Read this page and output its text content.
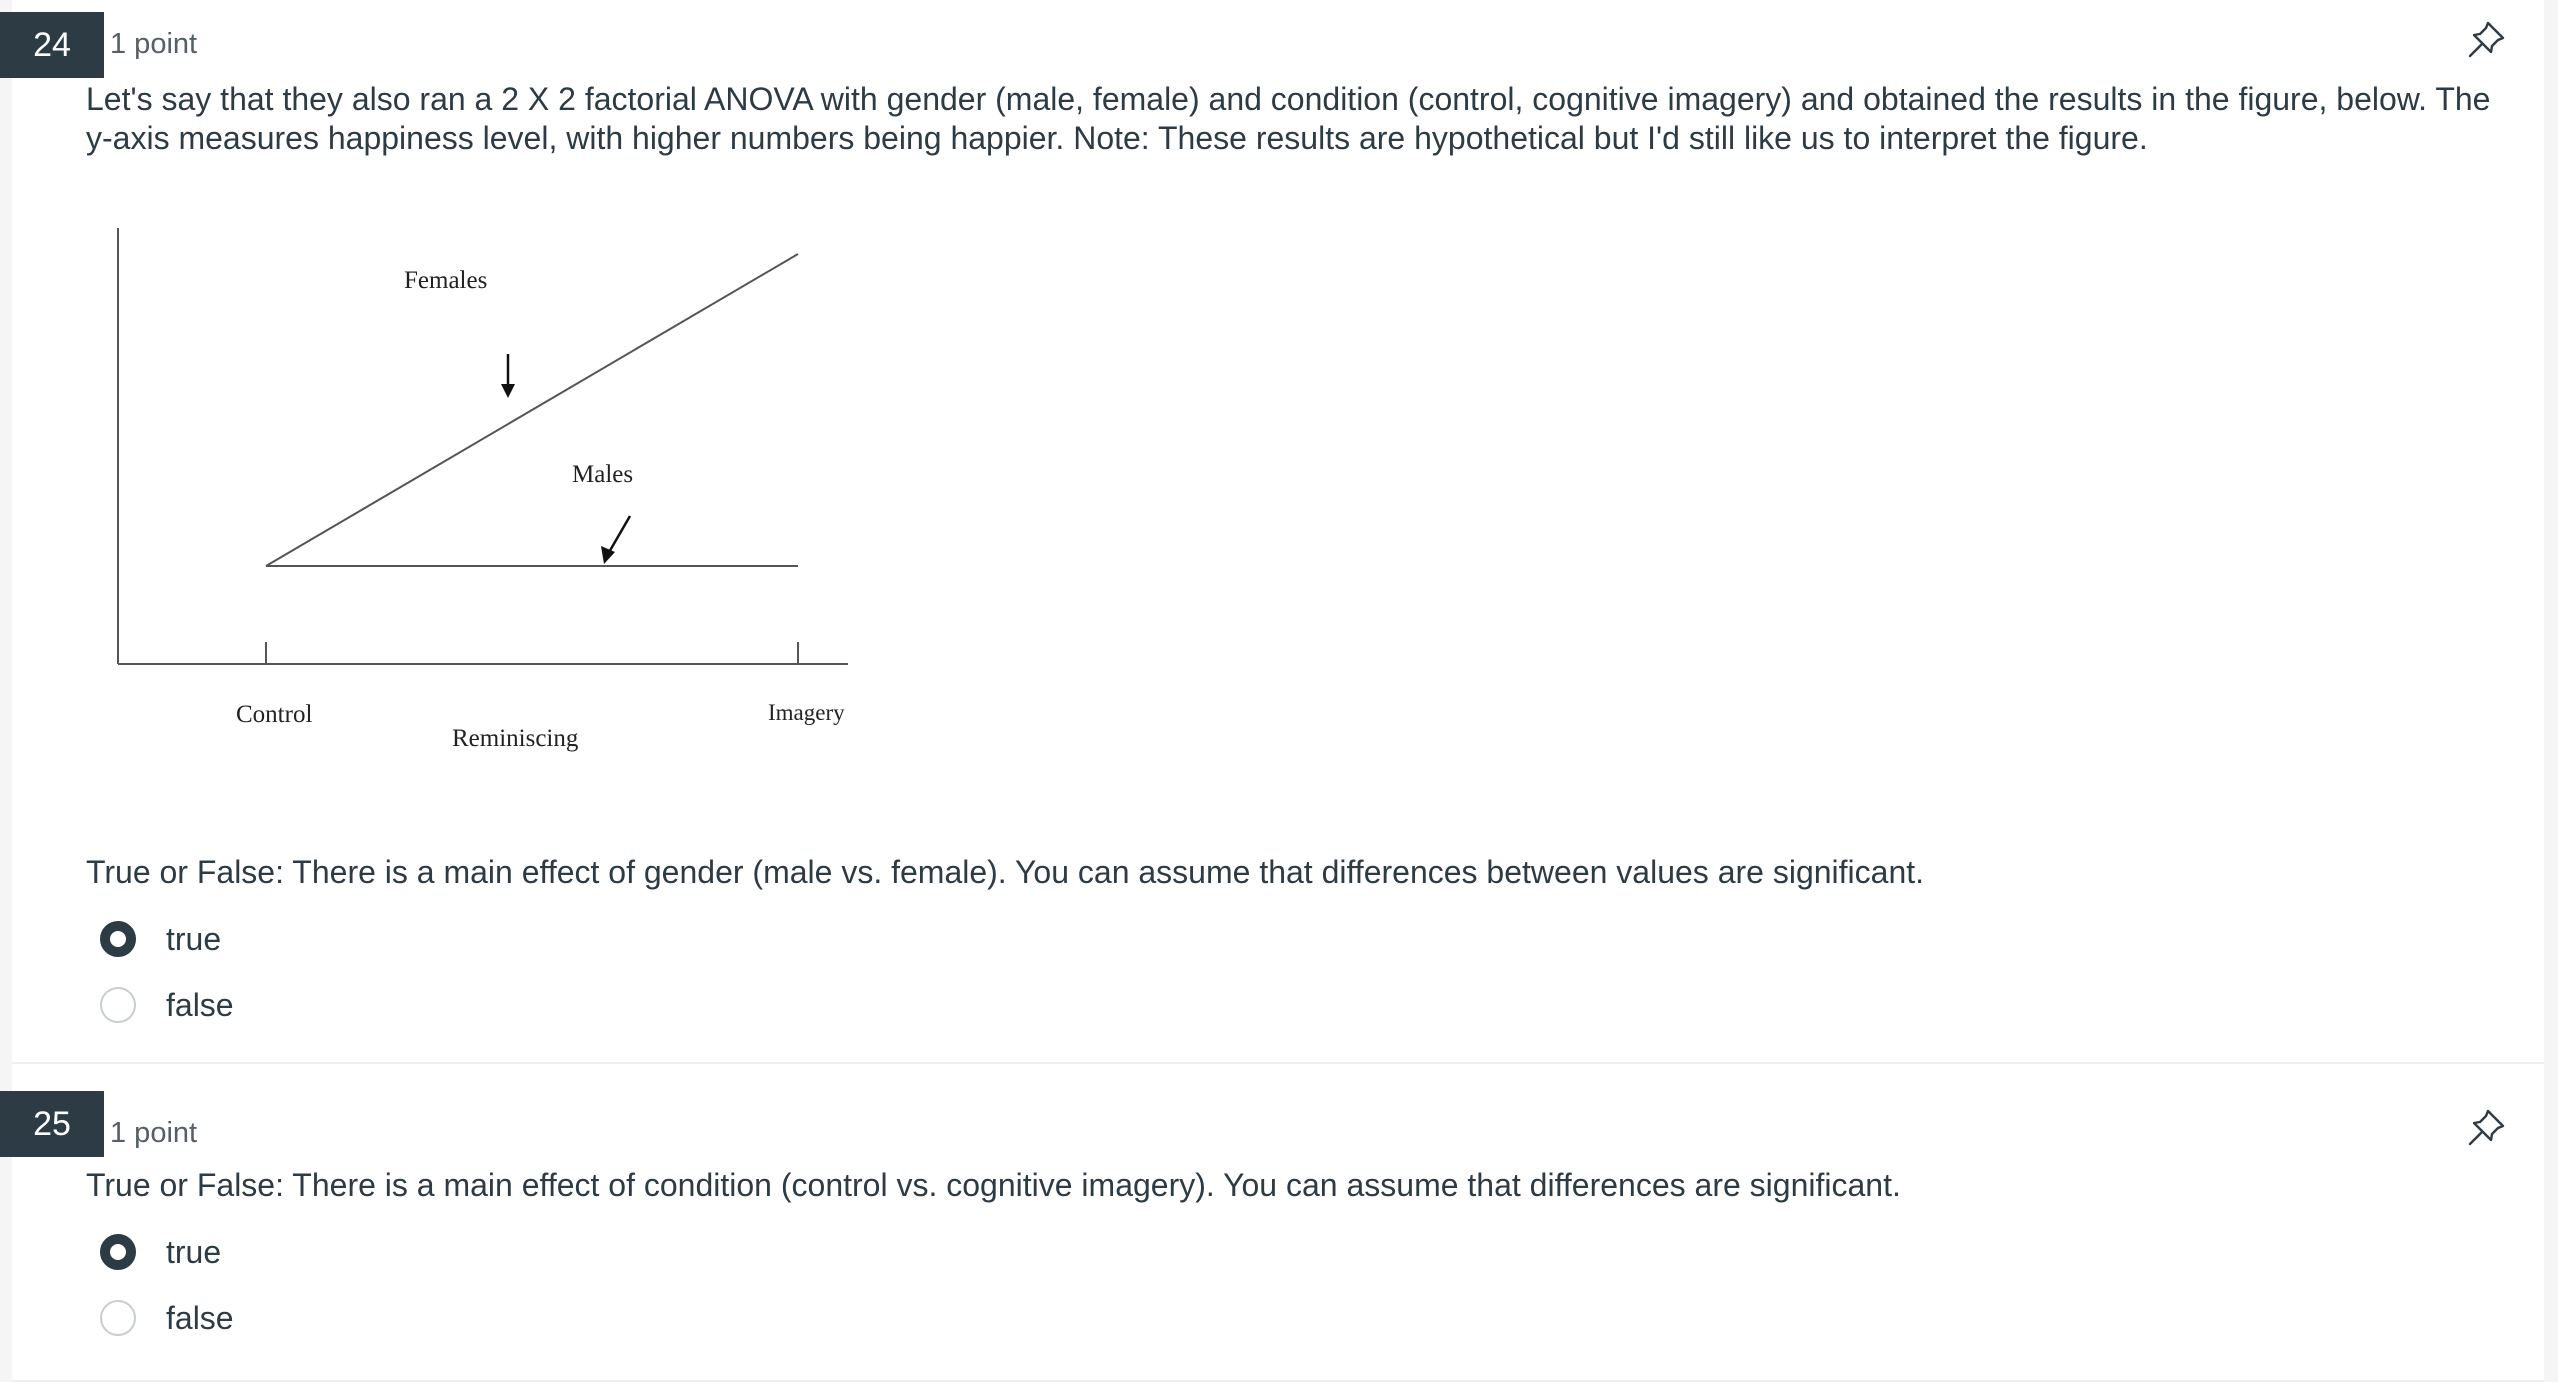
24	1 point
Let's say that they also ran a 2 X 2 factorial ANOVA with gender (male, female) and condition (control, cognitive imagery) and obtained the results in the figure, below. The y-axis measures happiness level, with higher numbers being happier. Note: These results are hypothetical but I'd still like us to interpret the figure.
Females
Males
Control	Imagery
Reminiscing
True or False: There is a main effect of gender (male vs. female). You can assume that differences between values are significant.
true
false
25	1 point
True or False: There is a main effect of condition (control vs. cognitive imagery). You can assume that differences are significant.
true
false
